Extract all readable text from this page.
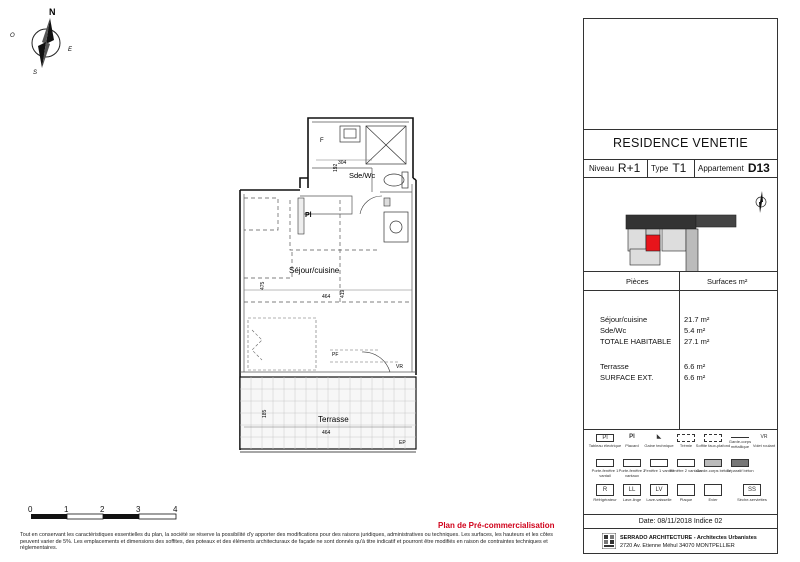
N
E
S
O
Sde/Wc
Séjour/cuisine
Terrasse
304
192
464
475
419
185
464
Pl
F
PF
VR
EP
0	1	2	3	4
Plan de Pré-commercialisation
Tout en conservant les caractéristiques essentielles du plan, la société se réserve la possibilité d'y apporter des modifications pour des raisons juridiques, administratives ou techniques. Les surfaces, les hauteurs et les côtes peuvent varier de 5%. Les emplacements et dimensions des soffites, des poteaux et des éléments architecturaux de façade ne sont donnés qu'à titre indicatif et pourront être modifiés en raison de contraintes techniques et réglementaires.
RESIDENCE VENETIE
Niveau R+1 Type T1 Appartement D13
Pièces	Surfaces m²
Séjour/cuisine	21.7 m²
Sde/Wc	5.4 m²
TOTALE HABITABLE 27.1 m²
Terrasse	6.6 m²
SURFACE EXT.	6.6 m²
Pl
Tableau électrique
Pl
Placard
◣
Gaine technique	Trémie Soffite faux-plafond
Garde-corps métallique
VR
Volet roulant
Porte-fenêtre 1 vantail
Porte-fenêtre 2 vantaux
Fenêtre 1 vantail
Fenêtre 2 vantaux
Garde-corps béton
Séparatif béton
R
Réfrigérateur
LL
Lave-linge
LV
Lave-vaisselle	Plaque	Evier
SS
Sèche-serviettes
Date: 08/11/2018 Indice 02
SERRADO ARCHITECTURE - Architectes Urbanistes
2720 Av. Etienne Méhul 34070 MONTPELLIER
